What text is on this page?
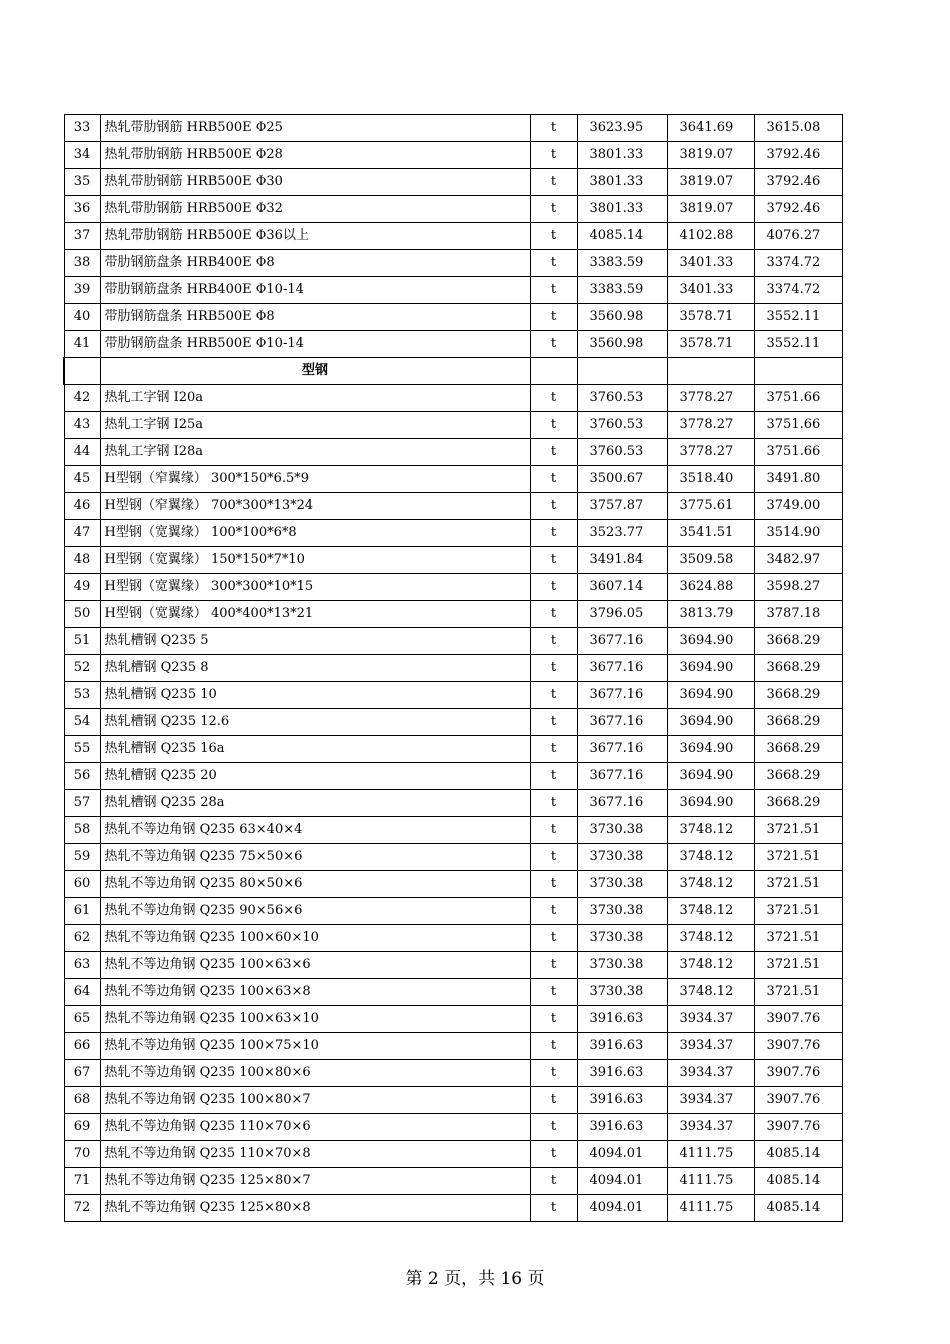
33	热轧带肋钢筋 HRB500E Φ25	t	3623.95	3641.69	3615.08
34	热轧带肋钢筋 HRB500E Φ28	t	3801.33	3819.07	3792.46
35	热轧带肋钢筋 HRB500E Φ30	t	3801.33	3819.07	3792.46
36	热轧带肋钢筋 HRB500E Φ32	t	3801.33	3819.07	3792.46
37	热轧带肋钢筋 HRB500E Φ36以上	t	4085.14	4102.88	4076.27
38	带肋钢筋盘条 HRB400E Φ8	t	3383.59	3401.33	3374.72
39	带肋钢筋盘条 HRB400E Φ10-14	t	3383.59	3401.33	3374.72
40	带肋钢筋盘条 HRB500E Φ8	t	3560.98	3578.71	3552.11
41	带肋钢筋盘条 HRB500E Φ10-14	t	3560.98	3578.71	3552.11
	型钢				
42	热轧工字钢 I20a	t	3760.53	3778.27	3751.66
43	热轧工字钢 I25a	t	3760.53	3778.27	3751.66
44	热轧工字钢 I28a	t	3760.53	3778.27	3751.66
45	H型钢（窄翼缘） 300*150*6.5*9	t	3500.67	3518.40	3491.80
46	H型钢（窄翼缘） 700*300*13*24	t	3757.87	3775.61	3749.00
47	H型钢（宽翼缘） 100*100*6*8	t	3523.77	3541.51	3514.90
48	H型钢（宽翼缘） 150*150*7*10	t	3491.84	3509.58	3482.97
49	H型钢（宽翼缘） 300*300*10*15	t	3607.14	3624.88	3598.27
50	H型钢（宽翼缘） 400*400*13*21	t	3796.05	3813.79	3787.18
51	热轧槽钢 Q235 5	t	3677.16	3694.90	3668.29
52	热轧槽钢 Q235 8	t	3677.16	3694.90	3668.29
53	热轧槽钢 Q235 10	t	3677.16	3694.90	3668.29
54	热轧槽钢 Q235 12.6	t	3677.16	3694.90	3668.29
55	热轧槽钢 Q235 16a	t	3677.16	3694.90	3668.29
56	热轧槽钢 Q235 20	t	3677.16	3694.90	3668.29
57	热轧槽钢 Q235 28a	t	3677.16	3694.90	3668.29
58	热轧不等边角钢 Q235 63×40×4	t	3730.38	3748.12	3721.51
59	热轧不等边角钢 Q235 75×50×6	t	3730.38	3748.12	3721.51
60	热轧不等边角钢 Q235 80×50×6	t	3730.38	3748.12	3721.51
61	热轧不等边角钢 Q235 90×56×6	t	3730.38	3748.12	3721.51
62	热轧不等边角钢 Q235 100×60×10	t	3730.38	3748.12	3721.51
63	热轧不等边角钢 Q235 100×63×6	t	3730.38	3748.12	3721.51
64	热轧不等边角钢 Q235 100×63×8	t	3730.38	3748.12	3721.51
65	热轧不等边角钢 Q235 100×63×10	t	3916.63	3934.37	3907.76
66	热轧不等边角钢 Q235 100×75×10	t	3916.63	3934.37	3907.76
67	热轧不等边角钢 Q235 100×80×6	t	3916.63	3934.37	3907.76
68	热轧不等边角钢 Q235 100×80×7	t	3916.63	3934.37	3907.76
69	热轧不等边角钢 Q235 110×70×6	t	3916.63	3934.37	3907.76
70	热轧不等边角钢 Q235 110×70×8	t	4094.01	4111.75	4085.14
71	热轧不等边角钢 Q235 125×80×7	t	4094.01	4111.75	4085.14
72	热轧不等边角钢 Q235 125×80×8	t	4094.01	4111.75	4085.14
第 2 页，共 16 页
